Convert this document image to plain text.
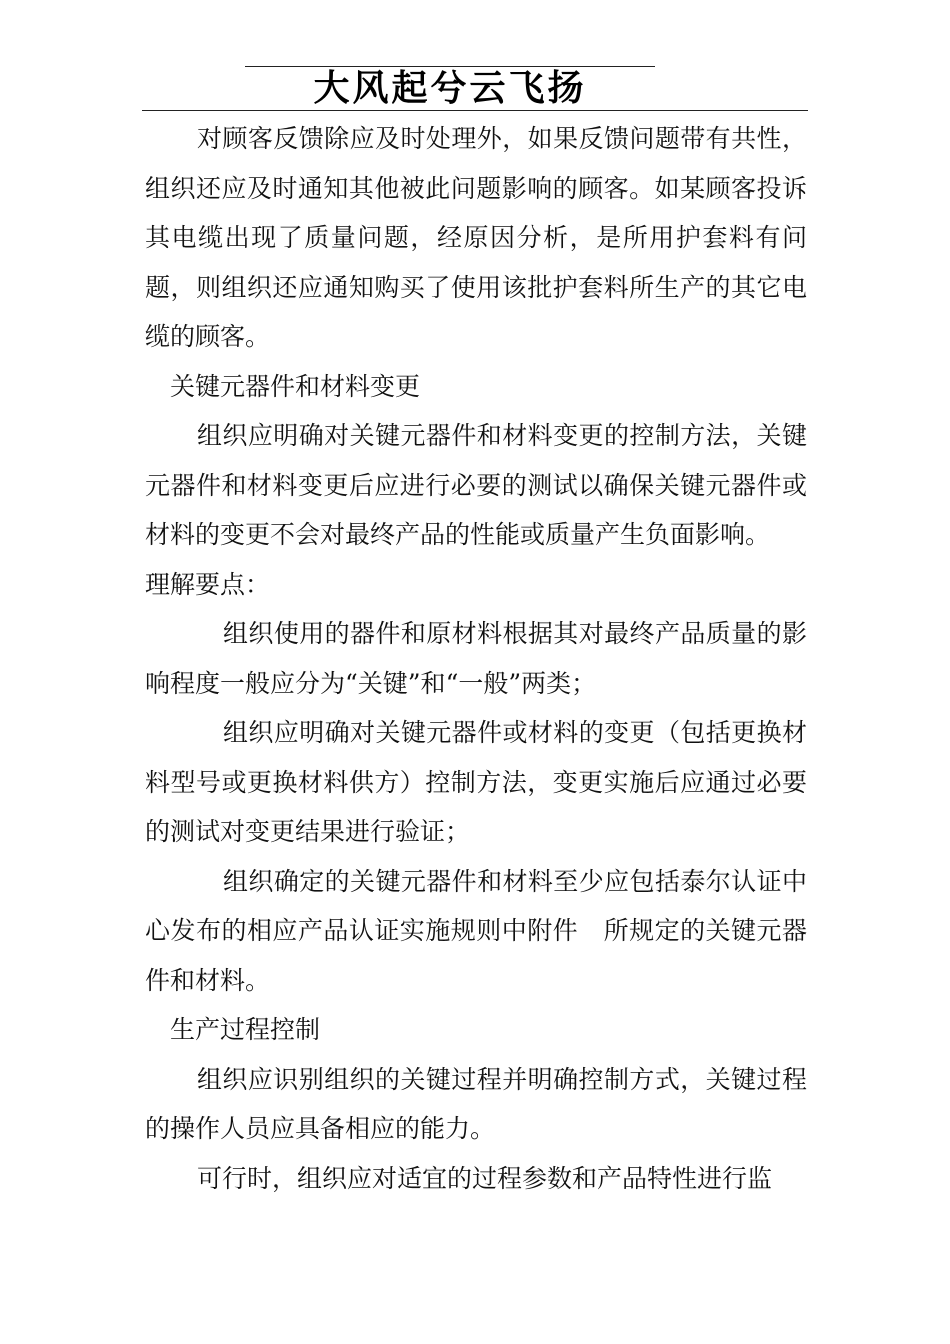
大风起兮云飞扬

对顾客反馈除应及时处理外，如果反馈问题带有共性，组织还应及时通知其他被此问题影响的顾客。如某顾客投诉其电缆出现了质量问题，经原因分析，是所用护套料有问题，则组织还应通知购买了使用该批护套料所生产的其它电缆的顾客。

关键元器件和材料变更

组织应明确对关键元器件和材料变更的控制方法，关键元器件和材料变更后应进行必要的测试以确保关键元器件或材料的变更不会对最终产品的性能或质量产生负面影响。

理解要点：

组织使用的器件和原材料根据其对最终产品质量的影响程度一般应分为“关键”和“一般”两类；

组织应明确对关键元器件或材料的变更（包括更换材料型号或更换材料供方）控制方法，变更实施后应通过必要的测试对变更结果进行验证；

组织确定的关键元器件和材料至少应包括泰尔认证中心发布的相应产品认证实施规则中附件　所规定的关键元器件和材料。

生产过程控制

组织应识别组织的关键过程并明确控制方式，关键过程的操作人员应具备相应的能力。

可行时，组织应对适宜的过程参数和产品特性进行监
